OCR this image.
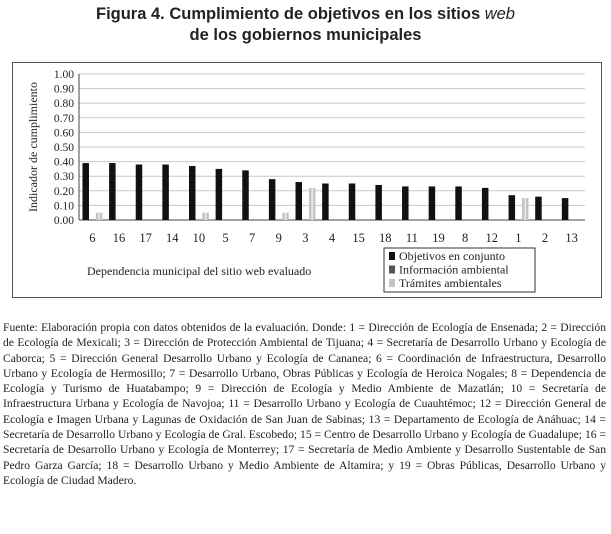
Figura 4. Cumplimiento de objetivos en los sitios web
de los gobiernos municipales
0.00
0.10
0.20
0.30
0.40
0.50
0.60
0.70
0.80
0.90
1.00
6 16 17 14 10 5 7 9 3 4 15 18 11 19 8 12 1 2 13
Indicador de cumplimiento
Dependencia municipal del sitio web evaluado
Objetivos en conjunto
Información ambiental
Trámites ambientales
Fuente: Elaboración propia con datos obtenidos de la evaluación. Donde: 1 = Dirección de Ecología de Ensenada; 2 = Dirección de Ecología de Mexicali; 3 = Dirección de Protección Ambiental de Tijuana; 4 = Secretaría de Desarrollo Urbano y Ecología de Caborca; 5 = Dirección General Desarrollo Urbano y Ecología de Cananea; 6 = Coordinación de Infraestructura, Desarrollo Urbano y Ecología de Hermosillo; 7 = Desarrollo Urbano, Obras Públicas y Ecología de Heroica Nogales; 8 = Dependencia de Ecología y Turismo de Huatabampo; 9 = Dirección de Ecología y Medio Ambiente de Mazatlán; 10 = Secretaría de Infraestructura Urbana y Ecología de Navojoa; 11 = Desarrollo Urbano y Ecología de Cuauhtémoc; 12 = Dirección General de Ecología e Imagen Urbana y Lagunas de Oxidación de San Juan de Sabinas; 13 = Departamento de Ecología de Anáhuac; 14 = Secretaría de Desarrollo Urbano y Ecología de Gral. Escobedo; 15 = Centro de Desarrollo Urbano y Ecología de Guadalupe; 16 = Secretaría de Desarrollo Urbano y Ecología de Monterrey; 17 = Secretaría de Medio Ambiente y Desarrollo Sustentable de San Pedro Garza García; 18 = Desarrollo Urbano y Medio Ambiente de Altamira; y 19 = Obras Públicas, Desarrollo Urbano y Ecología de Ciudad Madero.
